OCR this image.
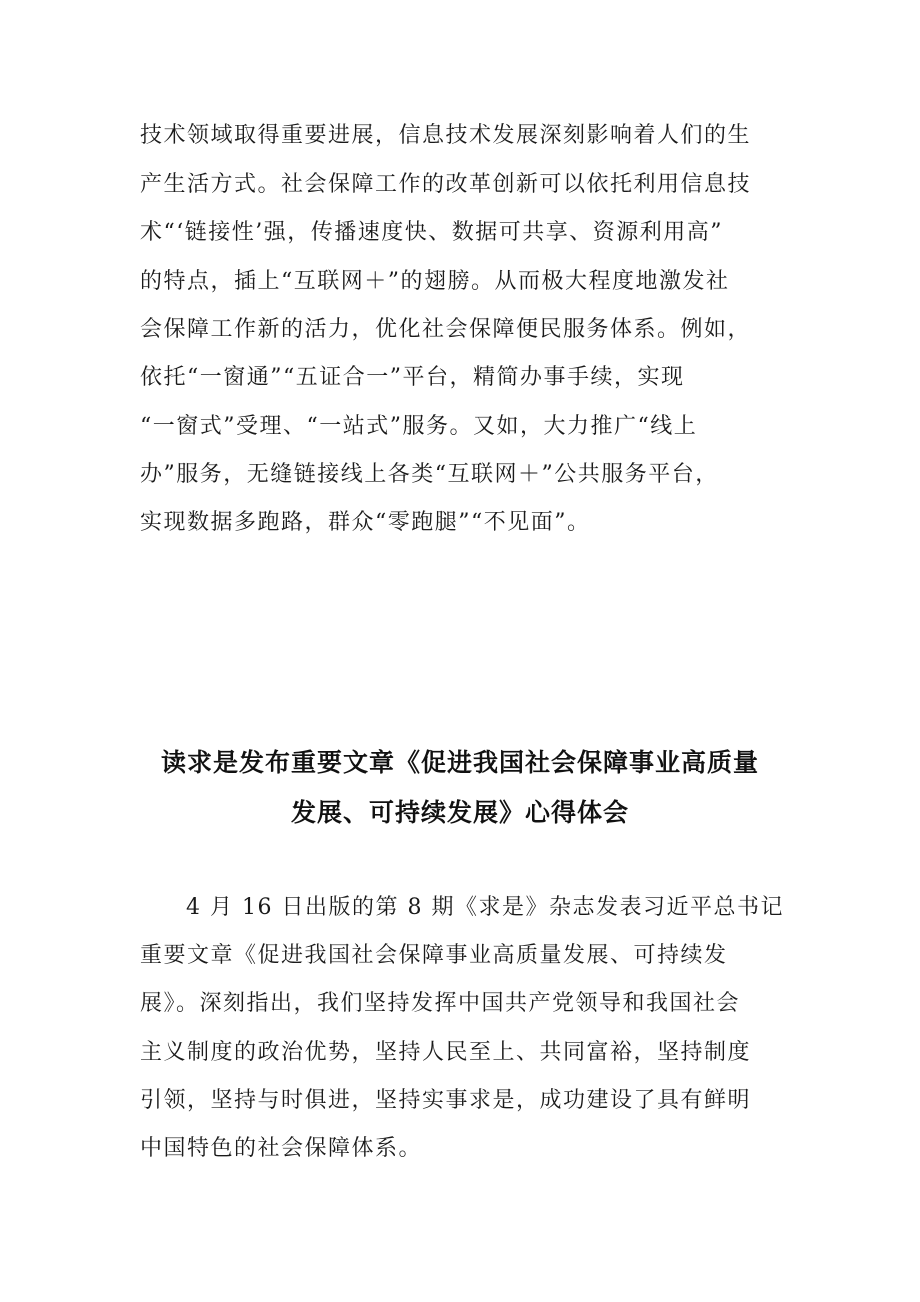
技术领域取得重要进展，信息技术发展深刻影响着人们的生
产生活方式。社会保障工作的改革创新可以依托利用信息技
术“‘链接性’强，传播速度快、数据可共享、资源利用高”
的特点，插上“互联网＋”的翅膀。从而极大程度地激发社
会保障工作新的活力，优化社会保障便民服务体系。例如，
依托“一窗通”“五证合一”平台，精简办事手续，实现
“一窗式”受理、“一站式”服务。又如，大力推广“线上
办”服务，无缝链接线上各类“互联网＋”公共服务平台，
实现数据多跑路，群众“零跑腿”“不见面”。
读求是发布重要文章《促进我国社会保障事业高质量
发展、可持续发展》心得体会
4 月 16 日出版的第 8 期《求是》杂志发表习近平总书记
重要文章《促进我国社会保障事业高质量发展、可持续发
展》。深刻指出，我们坚持发挥中国共产党领导和我国社会
主义制度的政治优势，坚持人民至上、共同富裕，坚持制度
引领，坚持与时俱进，坚持实事求是，成功建设了具有鲜明
中国特色的社会保障体系。
